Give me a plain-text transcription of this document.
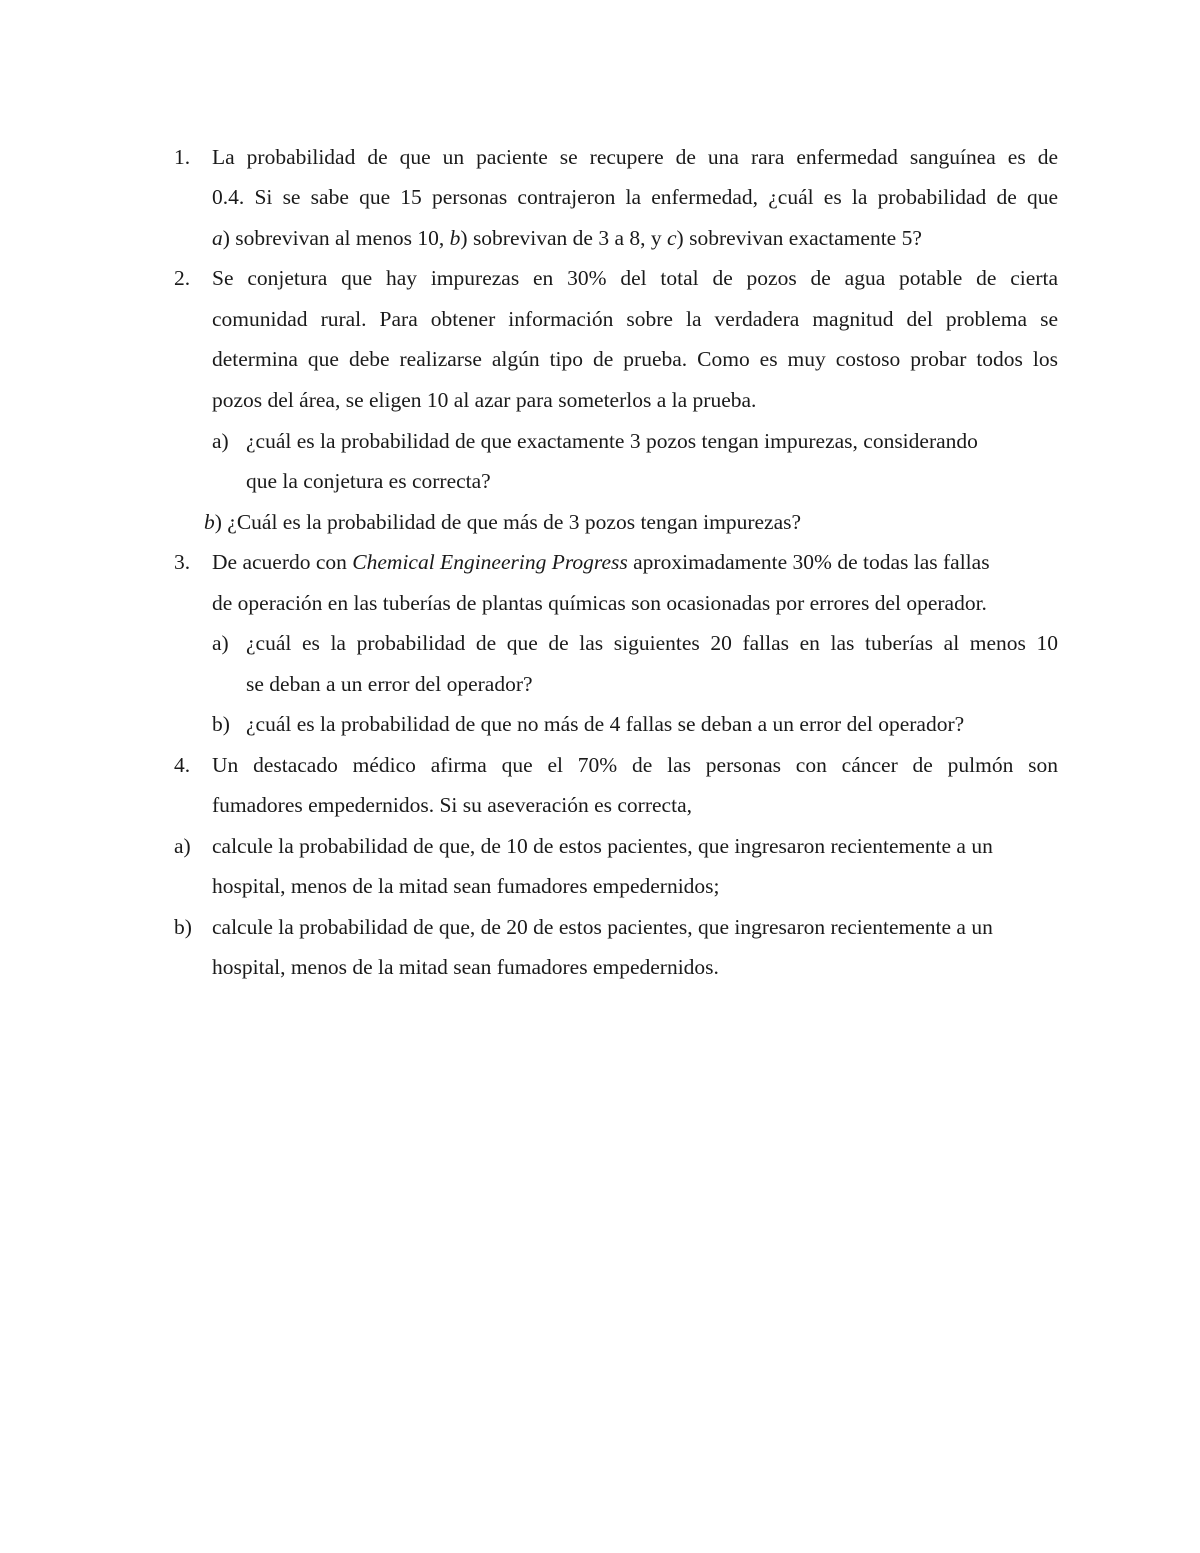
1. La probabilidad de que un paciente se recupere de una rara enfermedad sanguínea es de
0.4. Si se sabe que 15 personas contrajeron la enfermedad, ¿cuál es la probabilidad de que
a) sobrevivan al menos 10, b) sobrevivan de 3 a 8, y c) sobrevivan exactamente 5?
2. Se conjetura que hay impurezas en 30% del total de pozos de agua potable de cierta
comunidad rural. Para obtener información sobre la verdadera magnitud del problema se
determina que debe realizarse algún tipo de prueba. Como es muy costoso probar todos los
pozos del área, se eligen 10 al azar para someterlos a la prueba.
a) ¿cuál es la probabilidad de que exactamente 3 pozos tengan impurezas, considerando
que la conjetura es correcta?
b) ¿Cuál es la probabilidad de que más de 3 pozos tengan impurezas?
3. De acuerdo con Chemical Engineering Progress aproximadamente 30% de todas las fallas
de operación en las tuberías de plantas químicas son ocasionadas por errores del operador.
a) ¿cuál es la probabilidad de que de las siguientes 20 fallas en las tuberías al menos 10
se deban a un error del operador?
b) ¿cuál es la probabilidad de que no más de 4 fallas se deban a un error del operador?
4. Un destacado médico afirma que el 70% de las personas con cáncer de pulmón son
fumadores empedernidos. Si su aseveración es correcta,
a) calcule la probabilidad de que, de 10 de estos pacientes, que ingresaron recientemente a un
hospital, menos de la mitad sean fumadores empedernidos;
b) calcule la probabilidad de que, de 20 de estos pacientes, que ingresaron recientemente a un
hospital, menos de la mitad sean fumadores empedernidos.
